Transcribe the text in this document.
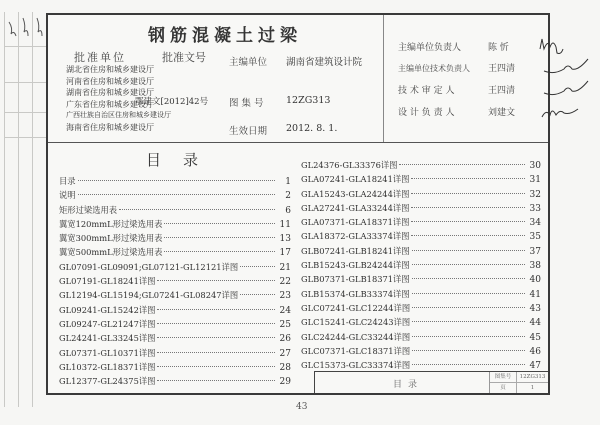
钢筋混凝土过梁
批准单位	批准文号
湖北省住房和城乡建设厅
河南省住房和城乡建设厅
湖南省住房和城乡建设厅
广东省住房和城乡建设厅
广西壮族自治区住房和城乡建设厅
海南省住房和城乡建设厅
鄂建文[2012]42号
主编单位 湖南省建筑设计院
图 集 号 12ZG313
生效日期 2012. 8. 1.
主编单位负责人	陈 忻
主编单位技术负责人 王四清
技 术 审 定 人	王四清
设 计 负 责 人	刘建文
目录
目录	1
说明	2
矩形过梁选用表	6
翼宽120mmL形过梁选用表	11
翼宽300mmL形过梁选用表	13
翼宽500mmL形过梁选用表	17
GL07091-GL09091;GL07121-GL12121详图	21
GL07191-GL18241详图	22
GL12194-GL15194;GL07241-GL08247详图	23
GL09241-GL15242详图	24
GL09247-GL21247详图	25
GL24241-GL33245详图	26
GL07371-GL10371详图	27
GL10372-GL18371详图	28
GL12377-GL24375详图	29
GL24376-GL33376详图	30
GLA07241-GLA18241详图	31
GLA15243-GLA24244详图	32
GLA27241-GLA33244详图	33
GLA07371-GLA18371详图	34
GLA18372-GLA33374详图	35
GLB07241-GLB18241详图	37
GLB15243-GLB24244详图	38
GLB07371-GLB18371详图	40
GLB15374-GLB33374详图	41
GLC07241-GLC12244详图	43
GLC15241-GLC24243详图	44
GLC24244-GLC33244详图	45
GLC07371-GLC18371详图	46
GLC15373-GLC33374详图	47
目录
图集号	12ZG313
页	1
43
